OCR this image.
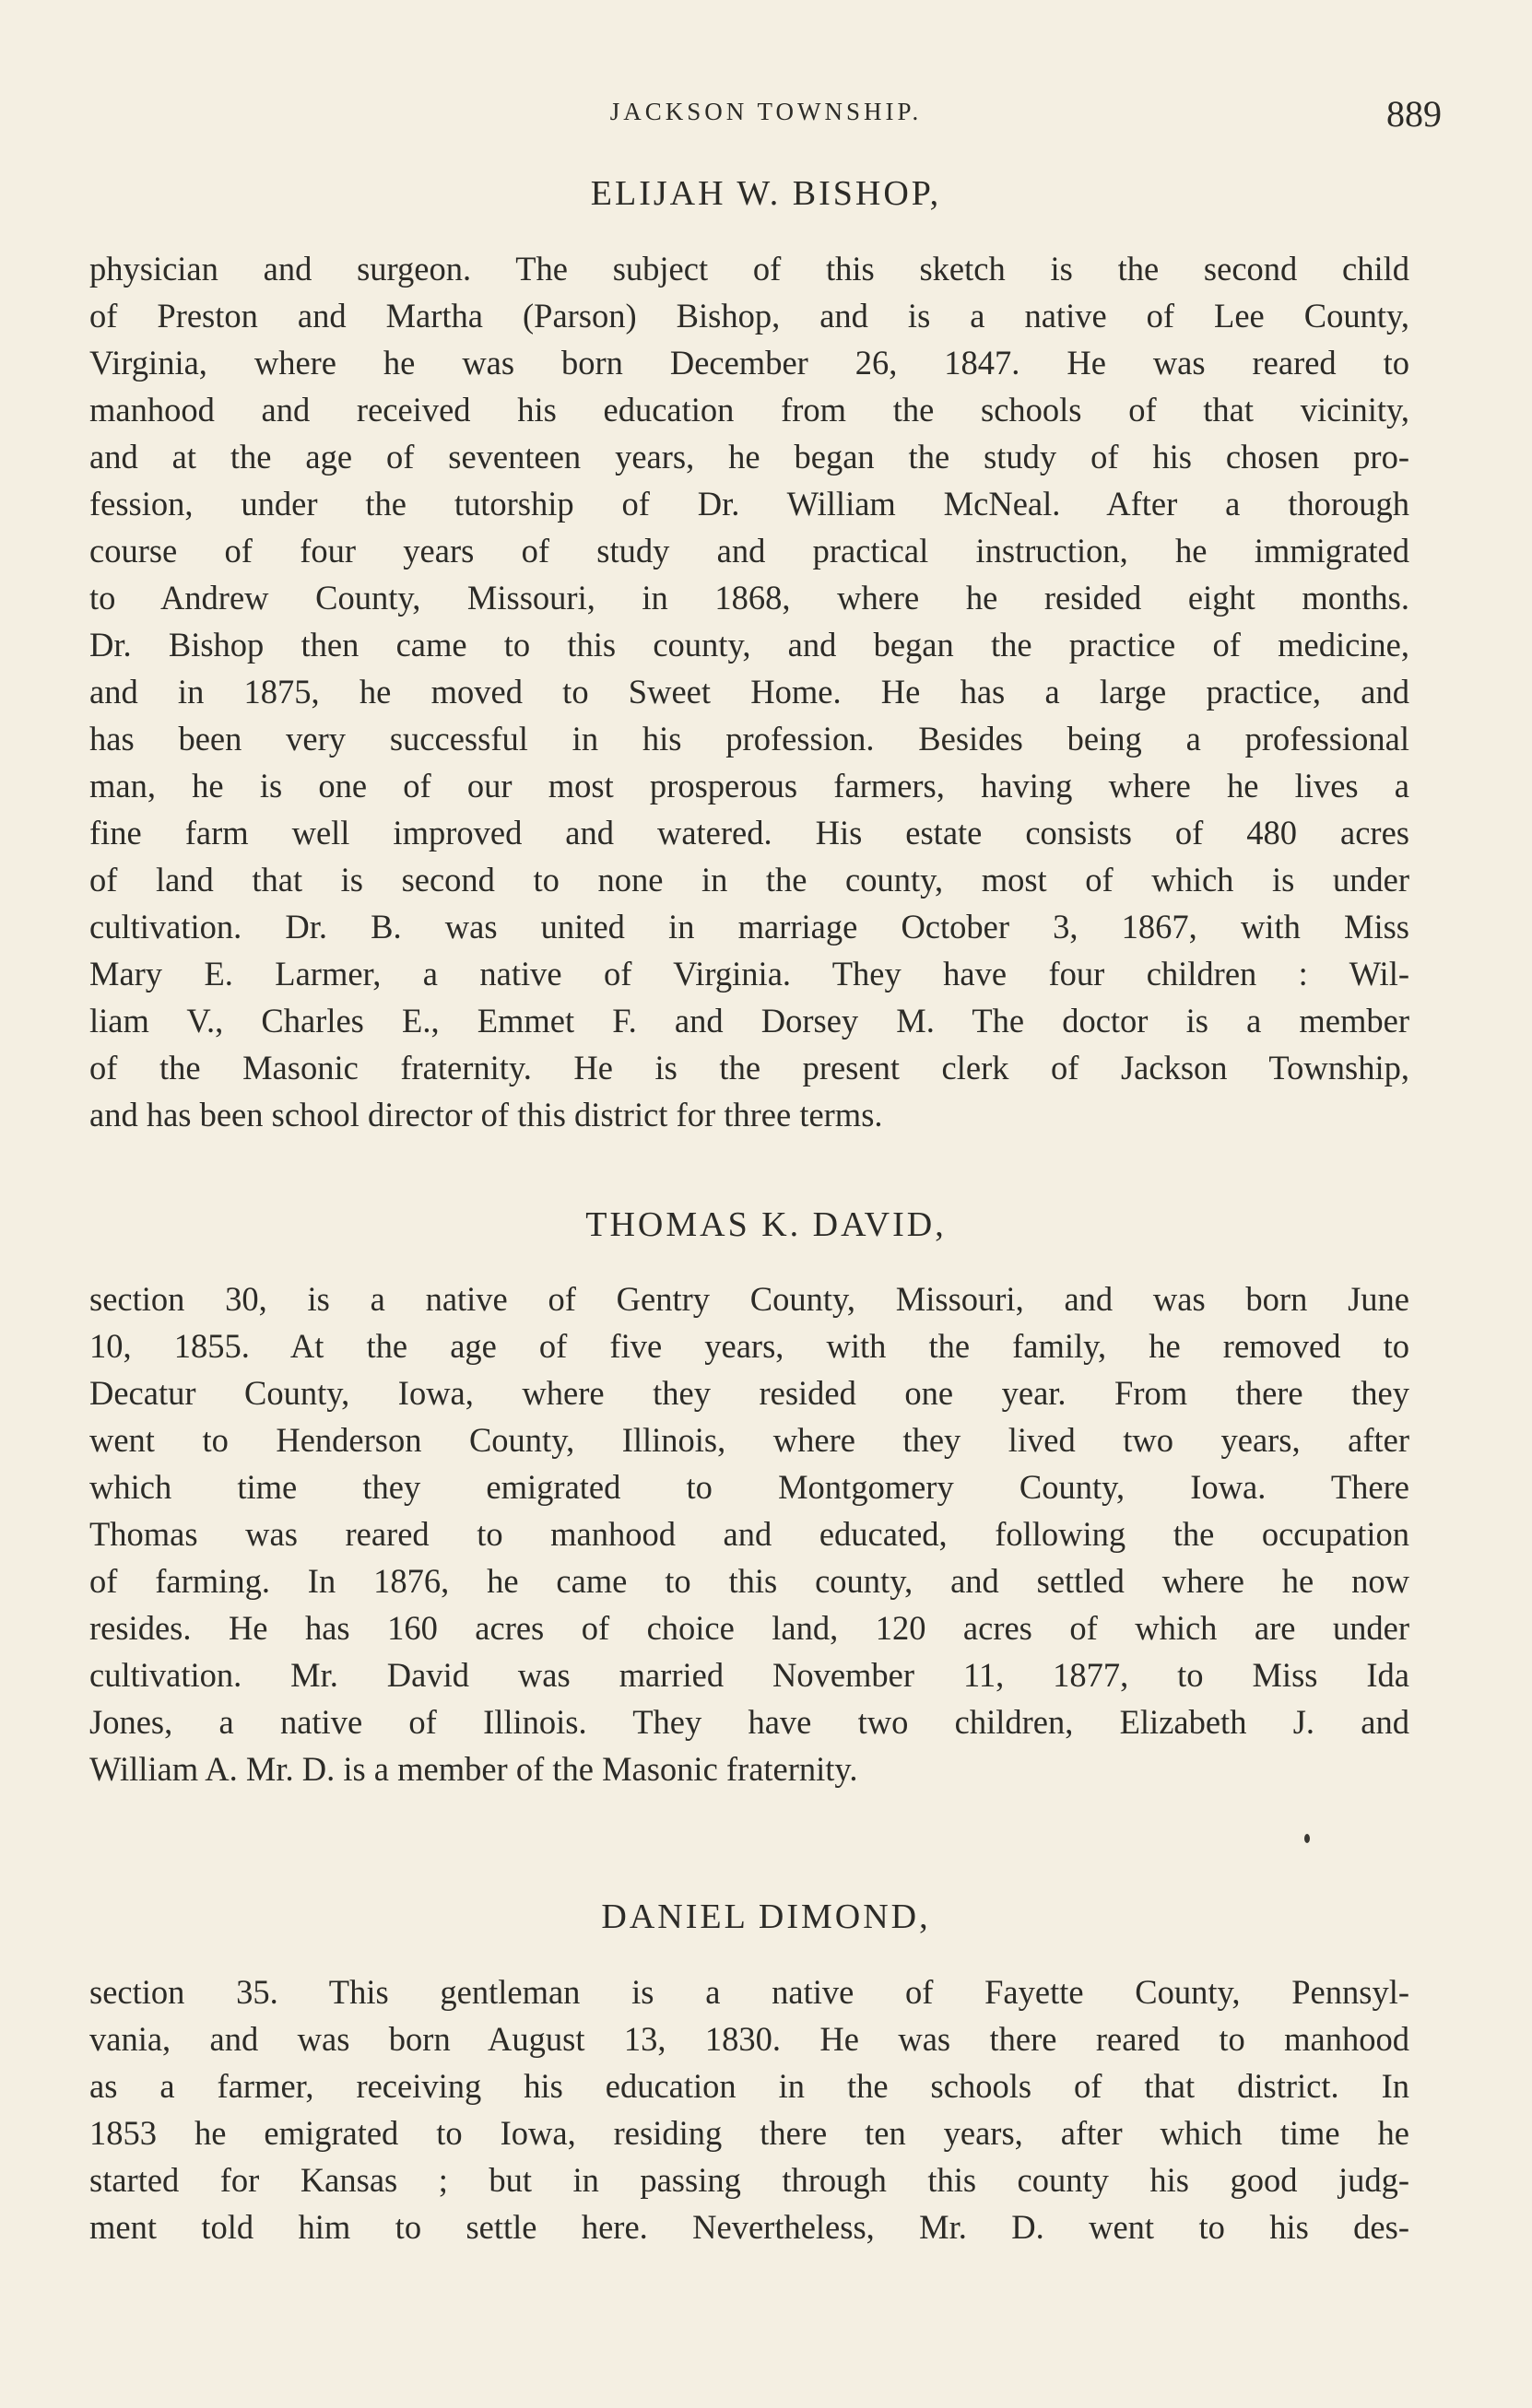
JACKSON TOWNSHIP.	889
ELIJAH W. BISHOP,
physician and surgeon. The subject of this sketch is the second child
of Preston and Martha (Parson) Bishop, and is a native of Lee County,
Virginia, where he was born December 26, 1847. He was reared to
manhood and received his education from the schools of that vicinity,
and at the age of seventeen years, he began the study of his chosen pro-
fession, under the tutorship of Dr. William McNeal. After a thorough
course of four years of study and practical instruction, he immigrated
to Andrew County, Missouri, in 1868, where he resided eight months.
Dr. Bishop then came to this county, and began the practice of medicine,
and in 1875, he moved to Sweet Home. He has a large practice, and
has been very successful in his profession. Besides being a professional
man, he is one of our most prosperous farmers, having where he lives a
fine farm well improved and watered. His estate consists of 480 acres
of land that is second to none in the county, most of which is under
cultivation. Dr. B. was united in marriage October 3, 1867, with Miss
Mary E. Larmer, a native of Virginia. They have four children : Wil-
liam V., Charles E., Emmet F. and Dorsey M. The doctor is a member
of the Masonic fraternity. He is the present clerk of Jackson Township,
and has been school director of this district for three terms.
THOMAS K. DAVID,
section 30, is a native of Gentry County, Missouri, and was born June
10, 1855. At the age of five years, with the family, he removed to
Decatur County, Iowa, where they resided one year. From there they
went to Henderson County, Illinois, where they lived two years, after
which time they emigrated to Montgomery County, Iowa. There
Thomas was reared to manhood and educated, following the occupation
of farming. In 1876, he came to this county, and settled where he now
resides. He has 160 acres of choice land, 120 acres of which are under
cultivation. Mr. David was married November 11, 1877, to Miss Ida
Jones, a native of Illinois. They have two children, Elizabeth J. and
William A. Mr. D. is a member of the Masonic fraternity.
DANIEL DIMOND,
section 35. This gentleman is a native of Fayette County, Pennsyl-
vania, and was born August 13, 1830. He was there reared to manhood
as a farmer, receiving his education in the schools of that district. In
1853 he emigrated to Iowa, residing there ten years, after which time he
started for Kansas ; but in passing through this county his good judg-
ment told him to settle here. Nevertheless, Mr. D. went to his des-
